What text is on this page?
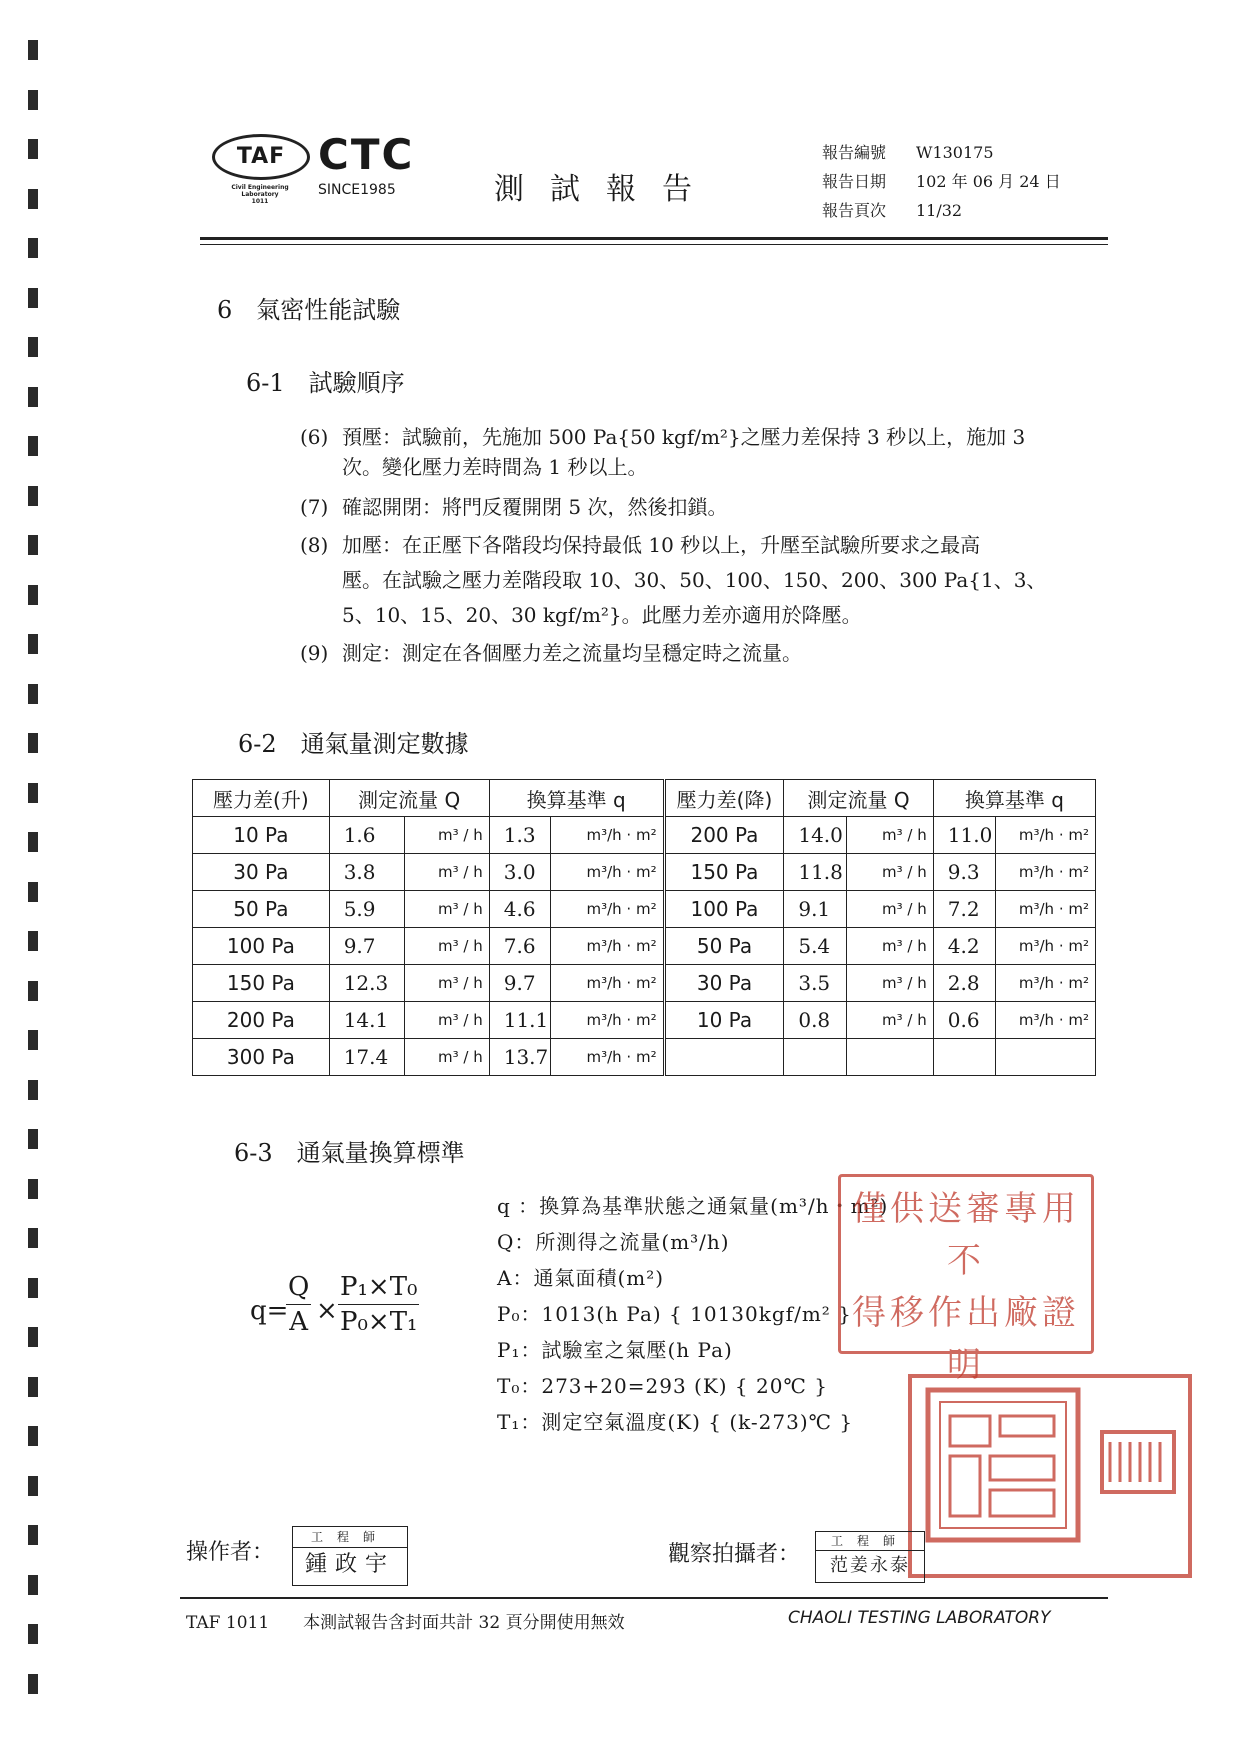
TAF
Civil Engineering
Laboratory
1011
CTC
SINCE1985	測試報告
報告編號 W130175
報告日期 102 年 06 月 24 日
報告頁次 11/32
6　氣密性能試驗
6-1　試驗順序
(6) 預壓：試驗前，先施加 500 Pa{50 kgf/m²}之壓力差保持 3 秒以上，施加 3
次。變化壓力差時間為 1 秒以上。
(7) 確認開閉：將門反覆開閉 5 次，然後扣鎖。
(8) 加壓：在正壓下各階段均保持最低 10 秒以上，升壓至試驗所要求之最高
壓。在試驗之壓力差階段取 10、30、50、100、150、200、300 Pa{1、3、
5、10、15、20、30 kgf/m²}。此壓力差亦適用於降壓。
(9) 測定：測定在各個壓力差之流量均呈穩定時之流量。
6-2　通氣量測定數據
壓力差(升)	測定流量 Q		換算基準 q		壓力差(降)	測定流量 Q		換算基準 q	
10 Pa	1.6	m³ / h	1.3	m³/h · m²	200 Pa	14.0	m³ / h	11.0	m³/h · m²
30 Pa	3.8	m³ / h	3.0	m³/h · m²	150 Pa	11.8	m³ / h	9.3	m³/h · m²
50 Pa	5.9	m³ / h	4.6	m³/h · m²	100 Pa	9.1	m³ / h	7.2	m³/h · m²
100 Pa	9.7	m³ / h	7.6	m³/h · m²	50 Pa	5.4	m³ / h	4.2	m³/h · m²
150 Pa	12.3	m³ / h	9.7	m³/h · m²	30 Pa	3.5	m³ / h	2.8	m³/h · m²
200 Pa	14.1	m³ / h	11.1	m³/h · m²	10 Pa	0.8	m³ / h	0.6	m³/h · m²
300 Pa	17.4	m³ / h	13.7	m³/h · m²					
6-3　通氣量換算標準
q=
$\frac{Q}{A} \times \frac{\text{P₁×T₀}}{\text{P₀×T₁}}$
q ：換算為基準狀態之通氣量(m³/h・m²)
Q：所測得之流量(m³/h)
A：通氣面積(m²)
P₀：1013(h Pa) { 10130kgf/m² }
P₁：試驗室之氣壓(h Pa)
T₀：273+20=293 (K) { 20℃ }
T₁：測定空氣溫度(K) { (k-273)℃ }
僅供送審專用不
得移作出廠證明
操作者：
工程師
鍾政宇	觀察拍攝者：
工程師
范姜永泰
TAF 1011　　本測試報告含封面共計 32 頁分開使用無效	CHAOLI TESTING LABORATORY
